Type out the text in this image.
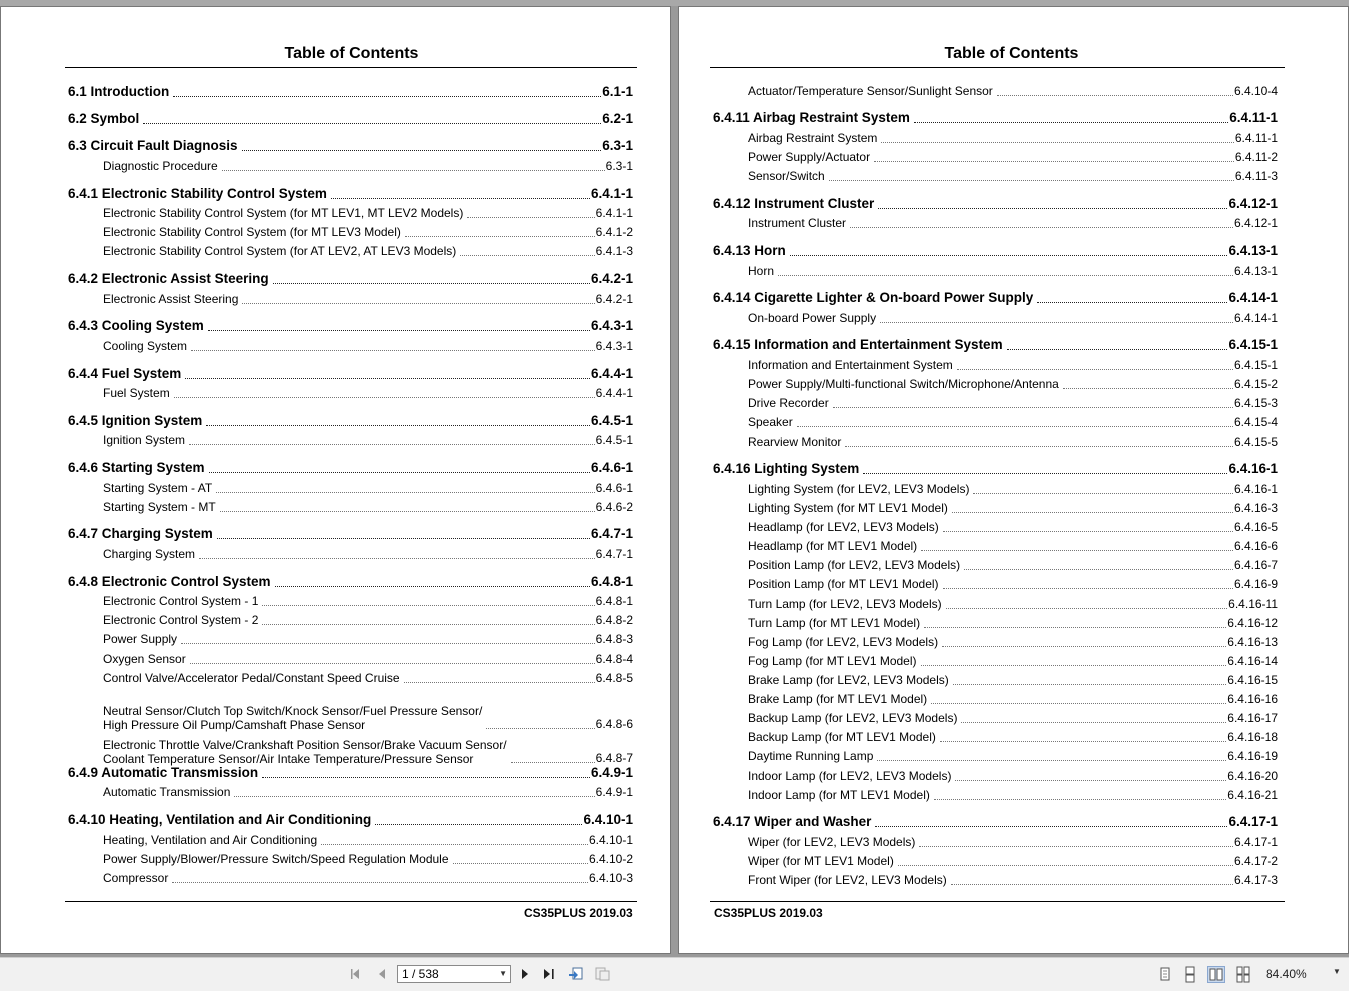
Table of Contents
6.1 Introduction	6.1-1
6.2 Symbol	6.2-1
6.3 Circuit Fault Diagnosis	6.3-1
Diagnostic Procedure	6.3-1
6.4.1 Electronic Stability Control System	6.4.1-1
Electronic Stability Control System (for MT LEV1, MT LEV2 Models)	6.4.1-1
Electronic Stability Control System (for MT LEV3 Model)	6.4.1-2
Electronic Stability Control System (for AT LEV2, AT LEV3 Models)	6.4.1-3
6.4.2 Electronic Assist Steering	6.4.2-1
Electronic Assist Steering	6.4.2-1
6.4.3 Cooling System	6.4.3-1
Cooling System	6.4.3-1
6.4.4 Fuel System	6.4.4-1
Fuel System	6.4.4-1
6.4.5 Ignition System	6.4.5-1
Ignition System	6.4.5-1
6.4.6 Starting System	6.4.6-1
Starting System - AT	6.4.6-1
Starting System - MT	6.4.6-2
6.4.7 Charging System	6.4.7-1
Charging System	6.4.7-1
6.4.8 Electronic Control System	6.4.8-1
Electronic Control System - 1	6.4.8-1
Electronic Control System - 2	6.4.8-2
Power Supply	6.4.8-3
Oxygen Sensor	6.4.8-4
Control Valve/Accelerator Pedal/Constant Speed Cruise	6.4.8-5
Neutral Sensor/Clutch Top Switch/Knock Sensor/Fuel Pressure Sensor/
High Pressure Oil Pump/Camshaft Phase Sensor	6.4.8-6
Electronic Throttle Valve/Crankshaft Position Sensor/Brake Vacuum Sensor/
Coolant Temperature Sensor/Air Intake Temperature/Pressure Sensor	6.4.8-7
6.4.9 Automatic Transmission	6.4.9-1
Automatic Transmission	6.4.9-1
6.4.10 Heating, Ventilation and Air Conditioning	6.4.10-1
Heating, Ventilation and Air Conditioning	6.4.10-1
Power Supply/Blower/Pressure Switch/Speed Regulation Module	6.4.10-2
Compressor	6.4.10-3
CS35PLUS 2019.03
Table of Contents
Actuator/Temperature Sensor/Sunlight Sensor	6.4.10-4
6.4.11 Airbag Restraint System	6.4.11-1
Airbag Restraint System	6.4.11-1
Power Supply/Actuator	6.4.11-2
Sensor/Switch	6.4.11-3
6.4.12 Instrument Cluster	6.4.12-1
Instrument Cluster	6.4.12-1
6.4.13 Horn	6.4.13-1
Horn	6.4.13-1
6.4.14 Cigarette Lighter & On-board Power Supply	6.4.14-1
On-board Power Supply	6.4.14-1
6.4.15 Information and Entertainment System	6.4.15-1
Information and Entertainment System	6.4.15-1
Power Supply/Multi-functional Switch/Microphone/Antenna	6.4.15-2
Drive Recorder	6.4.15-3
Speaker	6.4.15-4
Rearview Monitor	6.4.15-5
6.4.16 Lighting System	6.4.16-1
Lighting System (for LEV2, LEV3 Models)	6.4.16-1
Lighting System (for MT LEV1 Model)	6.4.16-3
Headlamp (for LEV2, LEV3 Models)	6.4.16-5
Headlamp (for MT LEV1 Model)	6.4.16-6
Position Lamp (for LEV2, LEV3 Models)	6.4.16-7
Position Lamp (for MT LEV1 Model)	6.4.16-9
Turn Lamp (for LEV2, LEV3 Models)	6.4.16-11
Turn Lamp (for MT LEV1 Model)	6.4.16-12
Fog Lamp (for LEV2, LEV3 Models)	6.4.16-13
Fog Lamp (for MT LEV1 Model)	6.4.16-14
Brake Lamp (for LEV2, LEV3 Models)	6.4.16-15
Brake Lamp (for MT LEV1 Model)	6.4.16-16
Backup Lamp (for LEV2, LEV3 Models)	6.4.16-17
Backup Lamp (for MT LEV1 Model)	6.4.16-18
Daytime Running Lamp	6.4.16-19
Indoor Lamp (for LEV2, LEV3 Models)	6.4.16-20
Indoor Lamp (for MT LEV1 Model)	6.4.16-21
6.4.17 Wiper and Washer	6.4.17-1
Wiper (for LEV2, LEV3 Models)	6.4.17-1
Wiper (for MT LEV1 Model)	6.4.17-2
Front Wiper (for LEV2, LEV3 Models)	6.4.17-3
CS35PLUS 2019.03
1 / 538	▼	84.40%	▼
